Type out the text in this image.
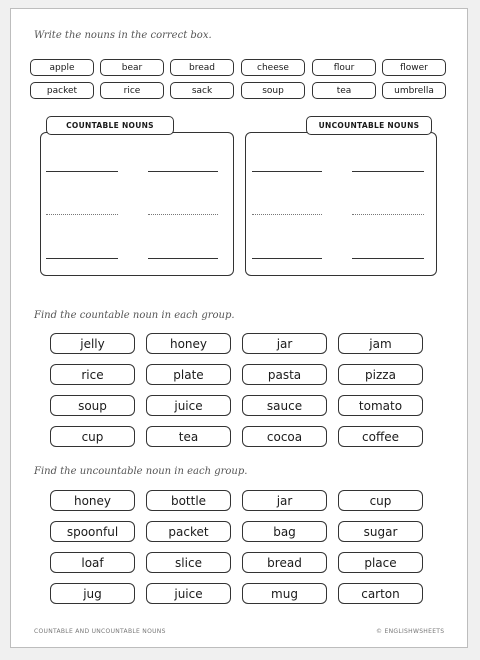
Write the nouns in the correct box.
apple	bear	bread	cheese	flour	flower
packet	rice	sack	soup	tea	umbrella
COUNTABLE NOUNS	UNCOUNTABLE NOUNS
Find the countable noun in each group.
jelly	honey	jar	jam
rice	plate	pasta	pizza
soup	juice	sauce	tomato
cup	tea	cocoa	coffee
Find the uncountable noun in each group.
honey	bottle	jar	cup
spoonful	packet	bag	sugar
loaf	slice	bread	place
jug	juice	mug	carton
COUNTABLE AND UNCOUNTABLE NOUNS	© ENGLISHWSHEETS
